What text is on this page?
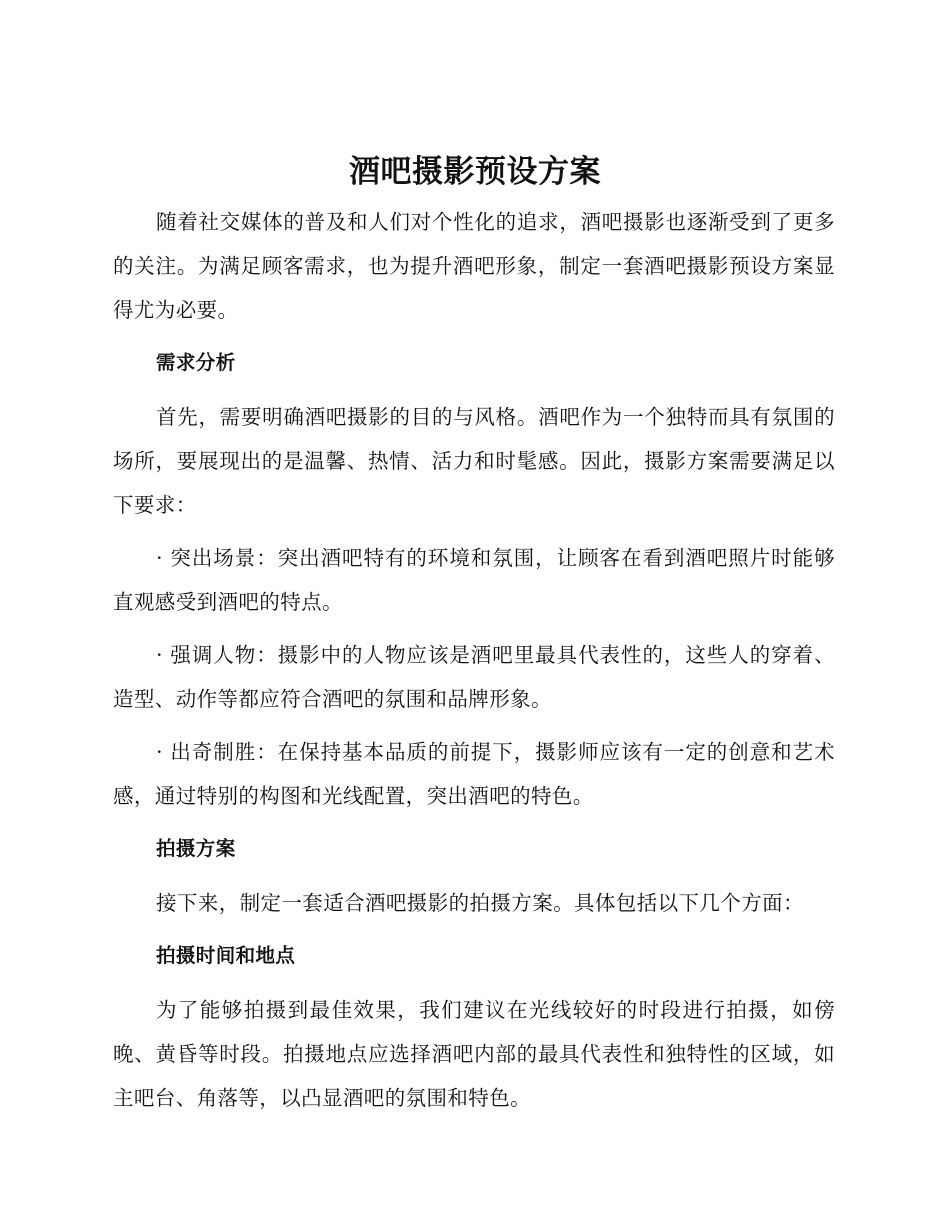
酒吧摄影预设方案

随着社交媒体的普及和人们对个性化的追求，酒吧摄影也逐渐受到了更多的关注。为满足顾客需求，也为提升酒吧形象，制定一套酒吧摄影预设方案显得尤为必要。

需求分析

首先，需要明确酒吧摄影的目的与风格。酒吧作为一个独特而具有氛围的场所，要展现出的是温馨、热情、活力和时髦感。因此，摄影方案需要满足以下要求：

· 突出场景：突出酒吧特有的环境和氛围，让顾客在看到酒吧照片时能够直观感受到酒吧的特点。

· 强调人物：摄影中的人物应该是酒吧里最具代表性的，这些人的穿着、造型、动作等都应符合酒吧的氛围和品牌形象。

· 出奇制胜：在保持基本品质的前提下，摄影师应该有一定的创意和艺术感，通过特别的构图和光线配置，突出酒吧的特色。

拍摄方案

接下来，制定一套适合酒吧摄影的拍摄方案。具体包括以下几个方面：

拍摄时间和地点

为了能够拍摄到最佳效果，我们建议在光线较好的时段进行拍摄，如傍晚、黄昏等时段。拍摄地点应选择酒吧内部的最具代表性和独特性的区域，如主吧台、角落等，以凸显酒吧的氛围和特色。
